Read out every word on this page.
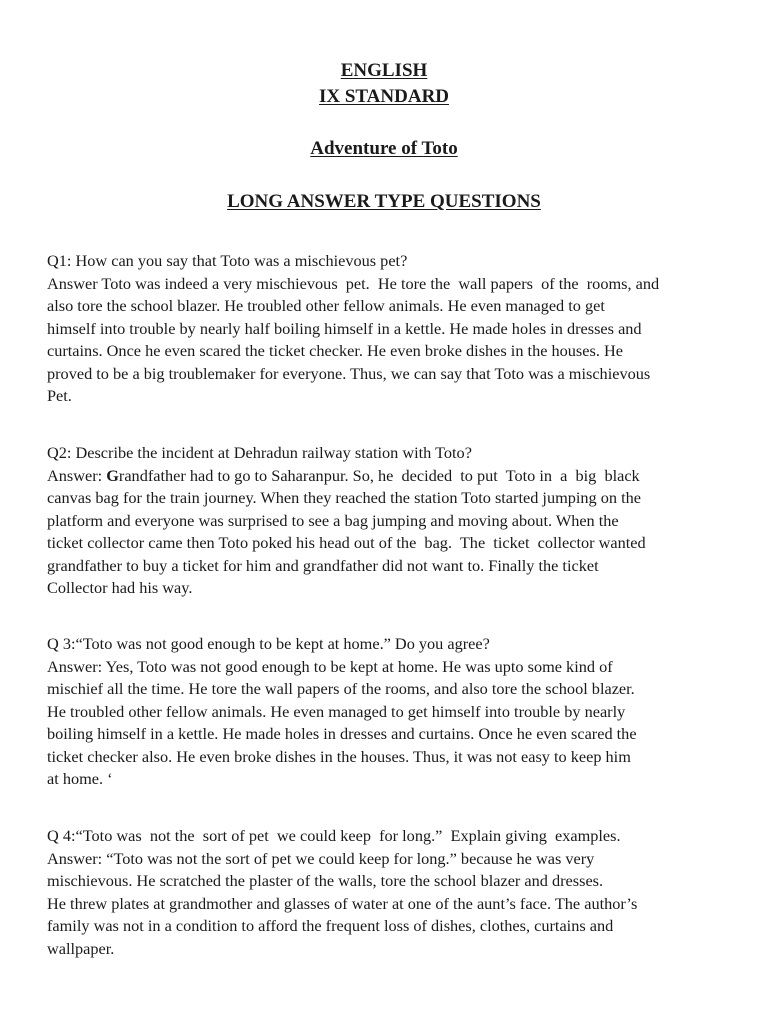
ENGLISH
IX STANDARD
Adventure of Toto
LONG ANSWER TYPE QUESTIONS
Q1: How can you say that Toto was a mischievous pet?
Answer Toto was indeed a very mischievous  pet.  He tore the  wall papers  of the  rooms, and
also tore the school blazer. He troubled other fellow animals. He even managed to get
himself into trouble by nearly half boiling himself in a kettle. He made holes in dresses and
curtains. Once he even scared the ticket checker. He even broke dishes in the houses. He
proved to be a big troublemaker for everyone. Thus, we can say that Toto was a mischievous
Pet.
Q2: Describe the incident at Dehradun railway station with Toto?
Answer: Grandfather had to go to Saharanpur. So, he  decided  to put  Toto in  a  big  black
canvas bag for the train journey. When they reached the station Toto started jumping on the
platform and everyone was surprised to see a bag jumping and moving about. When the
ticket collector came then Toto poked his head out of the  bag.  The  ticket  collector wanted
grandfather to buy a ticket for him and grandfather did not want to. Finally the ticket
Collector had his way.
Q 3:“Toto was not good enough to be kept at home.” Do you agree?
Answer: Yes, Toto was not good enough to be kept at home. He was upto some kind of
mischief all the time. He tore the wall papers of the rooms, and also tore the school blazer.
He troubled other fellow animals. He even managed to get himself into trouble by nearly
boiling himself in a kettle. He made holes in dresses and curtains. Once he even scared the
ticket checker also. He even broke dishes in the houses. Thus, it was not easy to keep him
at home. ‘
Q 4:“Toto was  not the  sort of pet  we could keep  for long.”  Explain giving  examples.
Answer: “Toto was not the sort of pet we could keep for long.” because he was very
mischievous. He scratched the plaster of the walls, tore the school blazer and dresses.
He threw plates at grandmother and glasses of water at one of the aunt’s face. The author’s
family was not in a condition to afford the frequent loss of dishes, clothes, curtains and
wallpaper.
